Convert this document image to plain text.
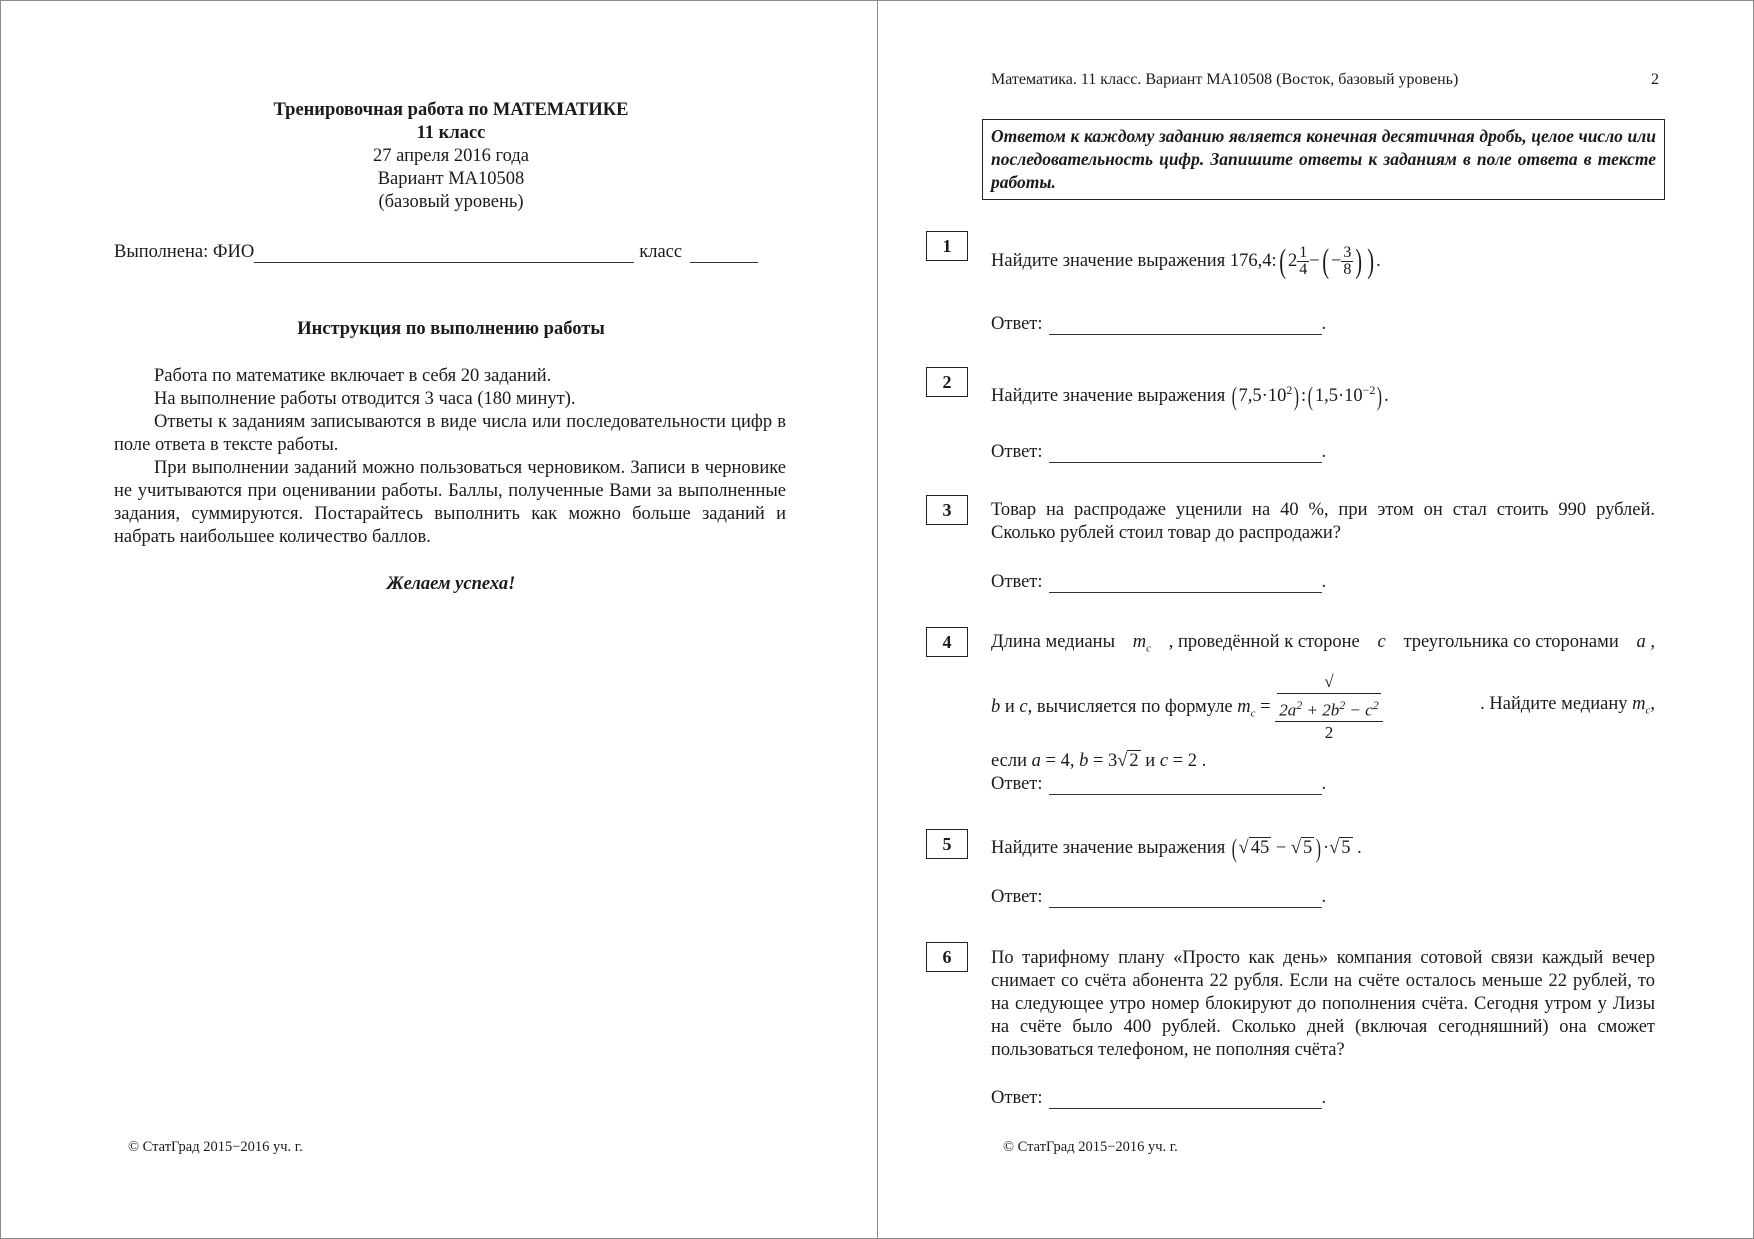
Тренировочная работа по МАТЕМАТИКЕ
11 класс
27 апреля 2016 года
Вариант МА10508
(базовый уровень)
Выполнена: ФИО	класс
Инструкция по выполнению работы

Работа по математике включает в себя 20 заданий.

На выполнение работы отводится 3 часа (180 минут).

Ответы к заданиям записываются в виде числа или последовательности цифр в поле ответа в тексте работы.

При выполнении заданий можно пользоваться черновиком. Записи в черновике не учитываются при оценивании работы. Баллы, полученные Вами за выполненные задания, суммируются. Постарайтесь выполнить как можно больше заданий и набрать наибольшее количество баллов.

Желаем успеха!
© СтатГрад 2015−2016 уч. г.
Математика. 11 класс. Вариант МА10508 (Восток, базовый уровень)	2
Ответом к каждому заданию является конечная десятичная дробь, целое число или последовательность цифр. Запишите ответы к заданиям в поле ответа в тексте работы.
1
Найдите значение выражения 176,4:( $2 \frac{1}{4}$ −( − $\frac{3}{8}$ ) ) .
Ответ:	.
2
Найдите значение выражения $(7,5\cdot 10^2):(1,5\cdot 10^{-2})$.
Ответ:	.
3	Товар на распродаже уценили на 40 %, при этом он стал стоить 990 рублей. Сколько рублей стоил товар до распродажи?
Ответ:	.
4	Длина медианы $m_c$ , проведённой к стороне c треугольника со сторонами a ,
b и c, вычисляется по формуле $m_c$ = √
$2a^2 + 2b^2 - c^2$
2	. Найдите медиану $m_c$,
если a = 4, b = 3√ 2 и c = 2 .
Ответ:	.
5	Найдите значение выражения (√ 45 − √ 5 )·√ 5 .
Ответ:	.
6	По тарифному плану «Просто как день» компания сотовой связи каждый вечер снимает со счёта абонента 22 рубля. Если на счёте осталось меньше 22 рублей, то на следующее утро номер блокируют до пополнения счёта. Сегодня утром у Лизы на счёте было 400 рублей. Сколько дней (включая сегодняшний) она сможет пользоваться телефоном, не пополняя счёта?
Ответ:	.
© СтатГрад 2015−2016 уч. г.
